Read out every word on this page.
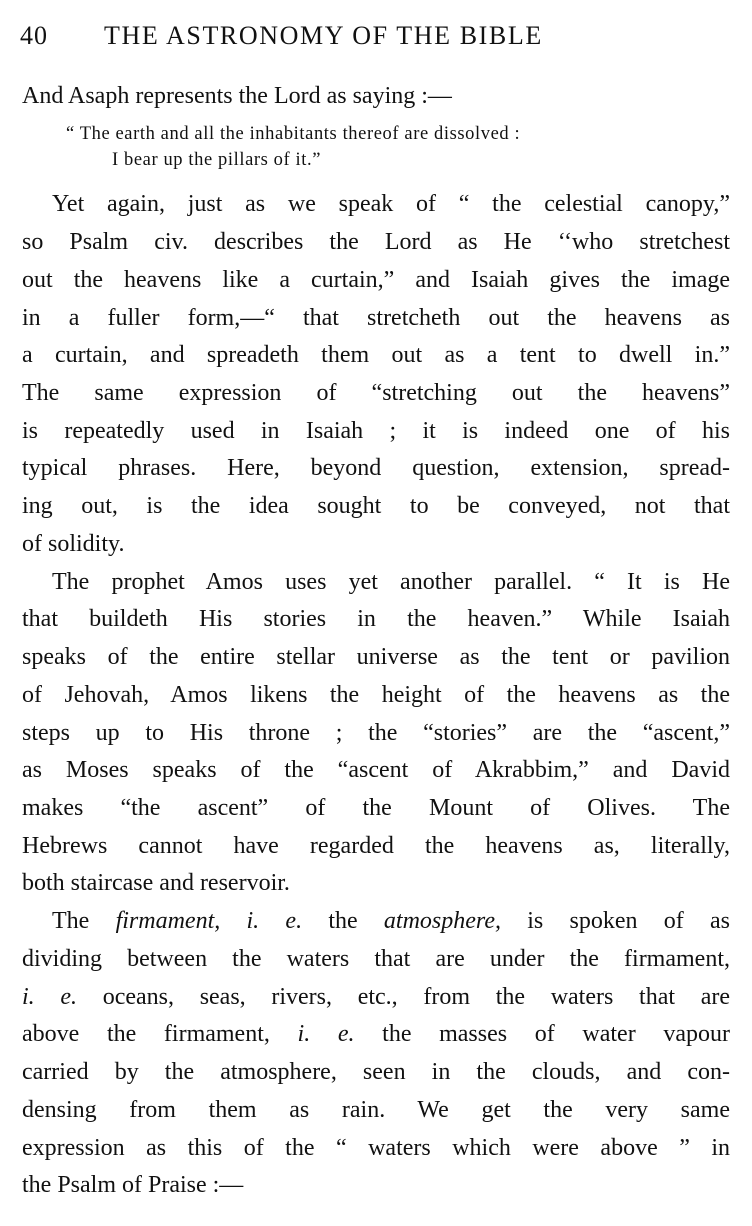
40 THE ASTRONOMY OF THE BIBLE
And Asaph represents the Lord as saying :—
“ The earth and all the inhabitants thereof are dissolved :
I bear up the pillars of it.”
Yet again, just as we speak of “ the celestial canopy,”
so Psalm civ. describes the Lord as He ‘‘who stretchest
out the heavens like a curtain,” and Isaiah gives the image
in a fuller form,—“ that stretcheth out the heavens as
a curtain, and spreadeth them out as a tent to dwell in.”
The same expression of “stretching out the heavens”
is repeatedly used in Isaiah ; it is indeed one of his
typical phrases. Here, beyond question, extension, spread-
ing out, is the idea sought to be conveyed, not that
of solidity.
The prophet Amos uses yet another parallel. “ It is He
that buildeth His stories in the heaven.” While Isaiah
speaks of the entire stellar universe as the tent or pavilion
of Jehovah, Amos likens the height of the heavens as the
steps up to His throne ; the “stories” are the “ascent,”
as Moses speaks of the “ascent of Akrabbim,” and David
makes “the ascent” of the Mount of Olives. The
Hebrews cannot have regarded the heavens as, literally,
both staircase and reservoir.
The firmament, i. e. the atmosphere, is spoken of as
dividing between the waters that are under the firmament,
i. e. oceans, seas, rivers, etc., from the waters that are
above the firmament, i. e. the masses of water vapour
carried by the atmosphere, seen in the clouds, and con-
densing from them as rain. We get the very same
expression as this of the “ waters which were above ” in
the Psalm of Praise :—
